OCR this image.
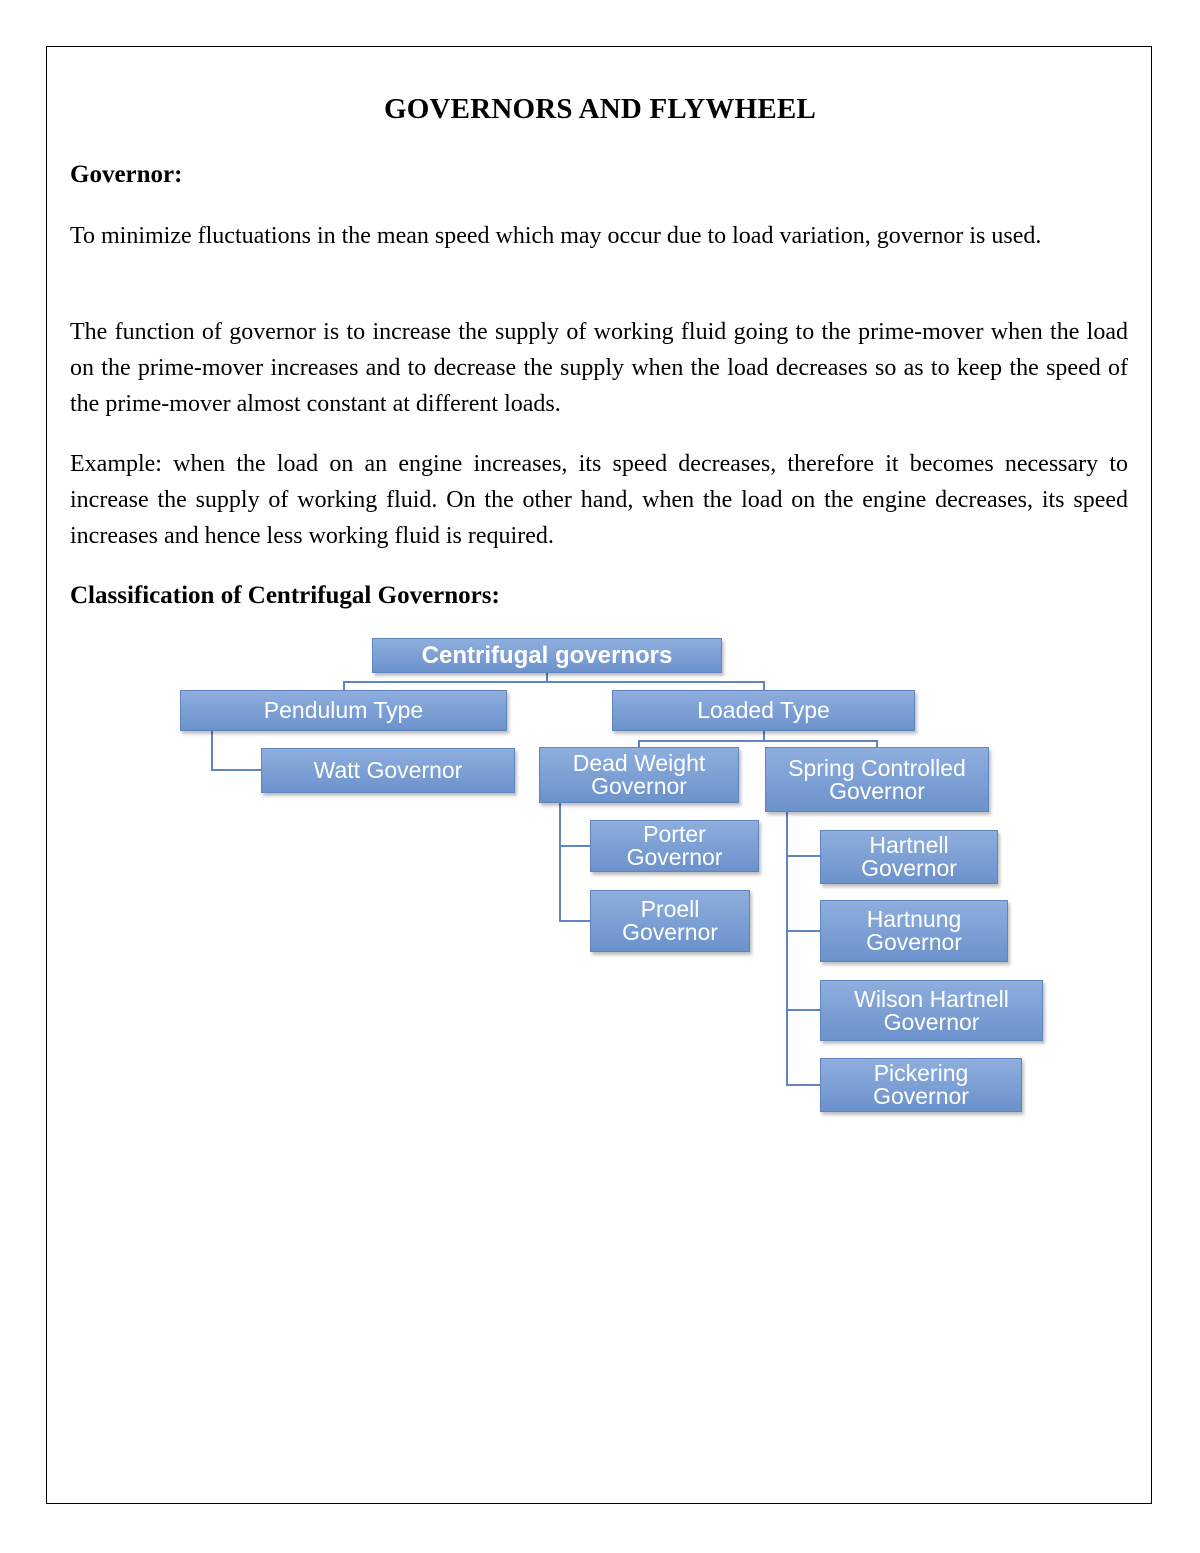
GOVERNORS AND FLYWHEEL
Governor:
To minimize fluctuations in the mean speed which may occur due to load variation, governor is used.
The function of governor is to increase the supply of working fluid going to the prime-mover when the load on the prime-mover increases and to decrease the supply when the load decreases so as to keep the speed of the prime-mover almost constant at different loads.
Example: when the load on an engine increases, its speed decreases, therefore it becomes necessary to increase the supply of working fluid. On the other hand, when the load on the engine decreases, its speed increases and hence less working fluid is required.
Classification of Centrifugal Governors:
Centrifugal governors
Pendulum Type	Loaded Type
Watt Governor	Dead Weight Governor
Spring Controlled Governor
Porter Governor
Proell Governor
Hartnell Governor
Hartnung Governor
Wilson Hartnell Governor
Pickering Governor
